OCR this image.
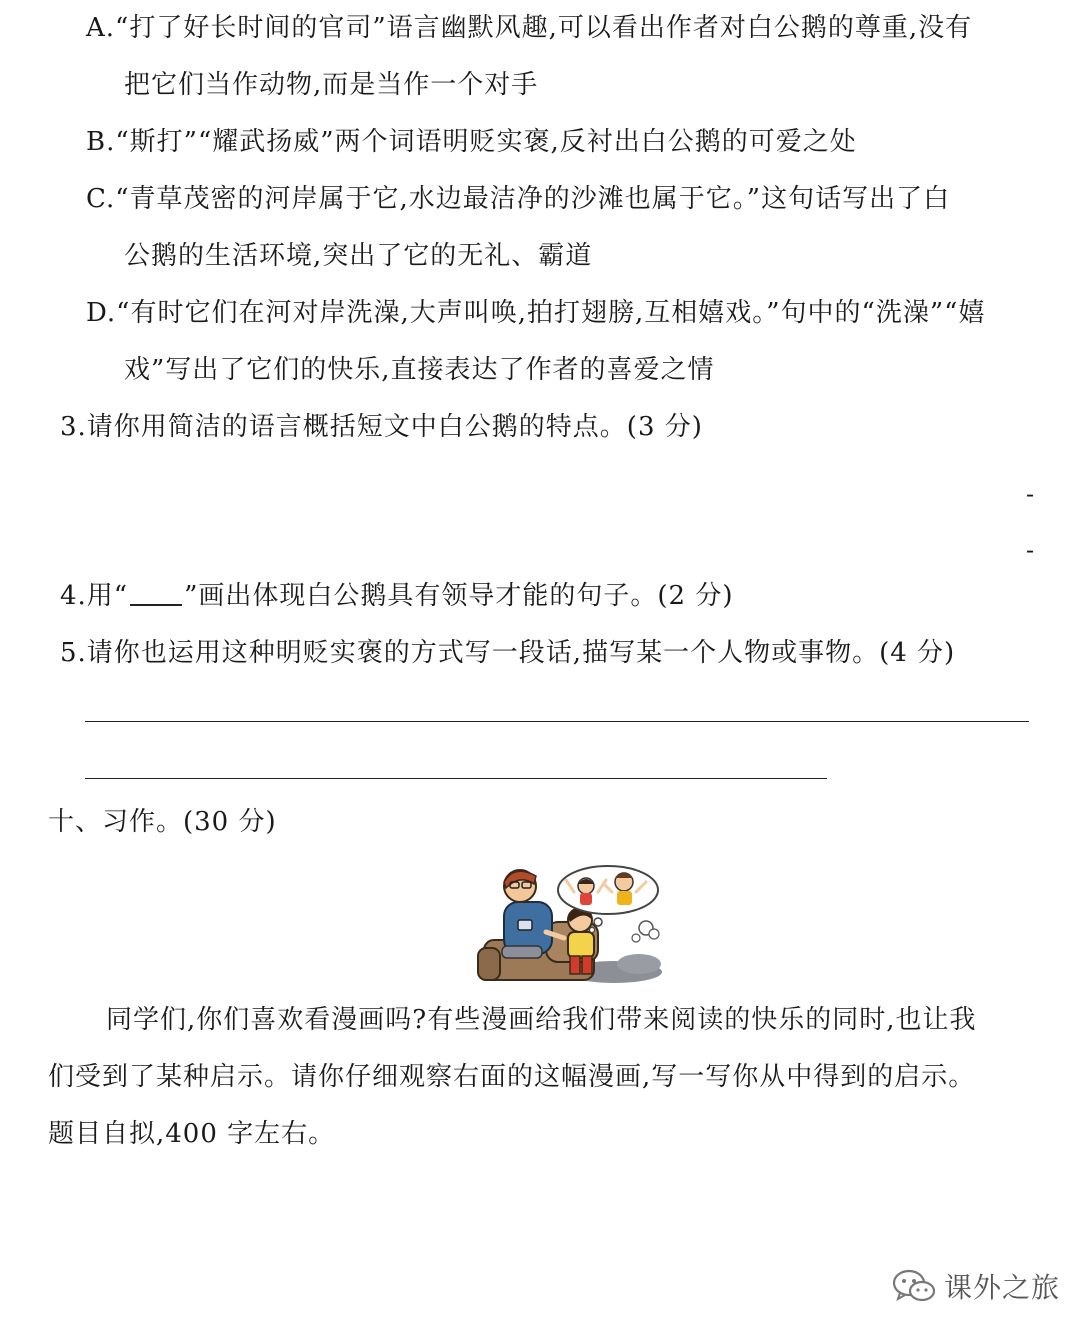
A.“打了好长时间的官司”语言幽默风趣,可以看出作者对白公鹅的尊重,没有
把它们当作动物,而是当作一个对手
B.“斯打”“耀武扬威”两个词语明贬实褒,反衬出白公鹅的可爱之处
C.“青草茂密的河岸属于它,水边最洁净的沙滩也属于它。”这句话写出了白
公鹅的生活环境,突出了它的无礼、霸道
D.“有时它们在河对岸洗澡,大声叫唤,拍打翅膀,互相嬉戏。”句中的“洗澡”“嬉
戏”写出了它们的快乐,直接表达了作者的喜爱之情
3.请你用简洁的语言概括短文中白公鹅的特点。(3 分)
-
-
4.用“ ”画出体现白公鹅具有领导才能的句子。(2 分)
5.请你也运用这种明贬实褒的方式写一段话,描写某一个人物或事物。(4 分)
十、习作。(30 分)
同学们,你们喜欢看漫画吗?有些漫画给我们带来阅读的快乐的同时,也让我
们受到了某种启示。请你仔细观察右面的这幅漫画,写一写你从中得到的启示。
题目自拟,400 字左右。
课外之旅
